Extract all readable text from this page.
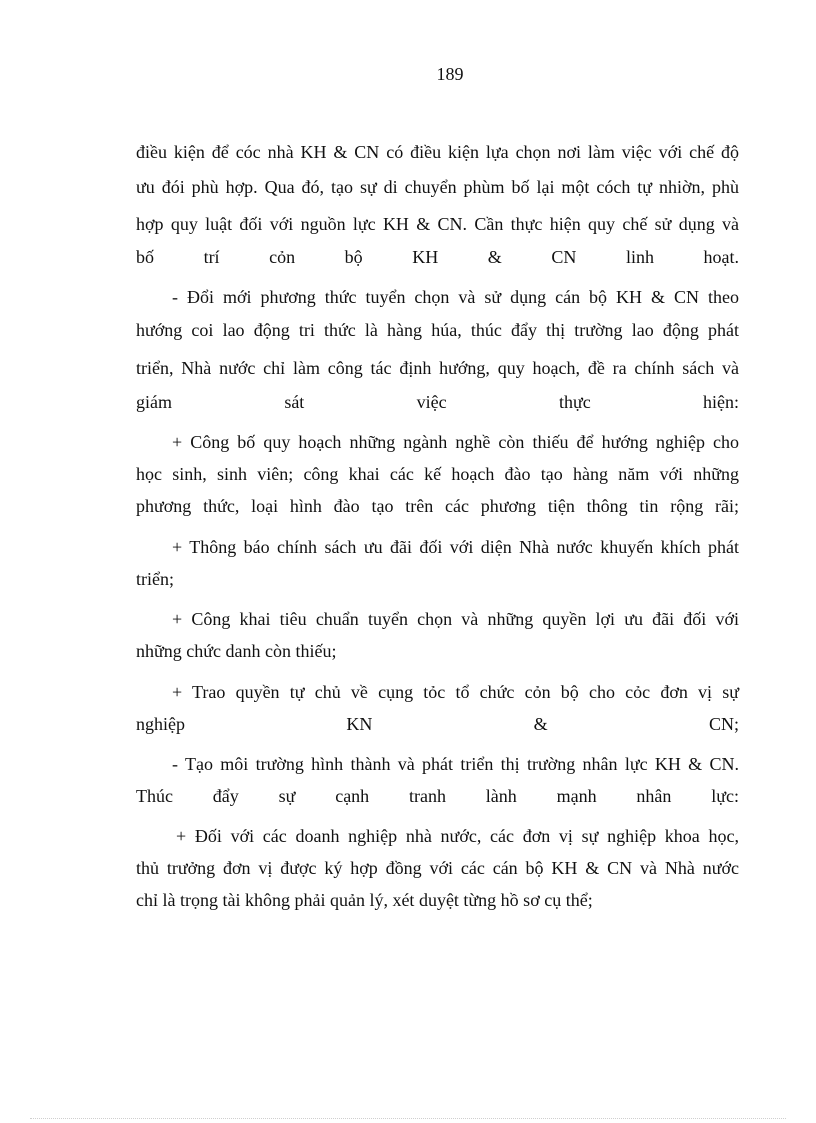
189
điều kiện để cóc nhà KH & CN có điều kiện lựa chọn nơi làm việc với chế độ
ưu đói phù hợp. Qua đó, tạo sự di chuyển phùm bố lại một cóch tự nhiờn, phù
hợp quy luật đối với nguồn lực KH & CN. Cần thực hiện quy chế sử dụng và
bố trí cỏn bộ KH & CN linh hoạt.
- Đổi mới phương thức tuyển chọn và sử dụng cán bộ KH & CN theo
hướng coi lao động tri thức là hàng húa, thúc đẩy thị trường lao động phát
triển, Nhà nước chỉ làm công tác định hướng, quy hoạch, đề ra chính sách và
giám sát việc thực hiện:
+ Công bố quy hoạch những ngành nghề còn thiếu để hướng nghiệp cho
học sinh, sinh viên; công khai các kế hoạch đào tạo hàng năm với những
phương thức, loại hình đào tạo trên các phương tiện thông tin rộng rãi;
+ Thông báo chính sách ưu đãi đối với diện Nhà nước khuyến khích phát
triển;
+ Công khai tiêu chuẩn tuyển chọn và những quyền lợi ưu đãi đối với
những chức danh còn thiếu;
+ Trao quyền tự chủ về cụng tỏc tổ chức cỏn bộ cho cỏc đơn vị sự
nghiệp KN & CN;
- Tạo môi trường hình thành và phát triển thị trường nhân lực KH & CN.
Thúc đẩy sự cạnh tranh lành mạnh nhân lực:
+ Đối với các doanh nghiệp nhà nước, các đơn vị sự nghiệp khoa học,
thủ trưởng đơn vị được ký hợp đồng với các cán bộ KH & CN và Nhà nước
chỉ là trọng tài không phải quản lý, xét duyệt từng hồ sơ cụ thể;
